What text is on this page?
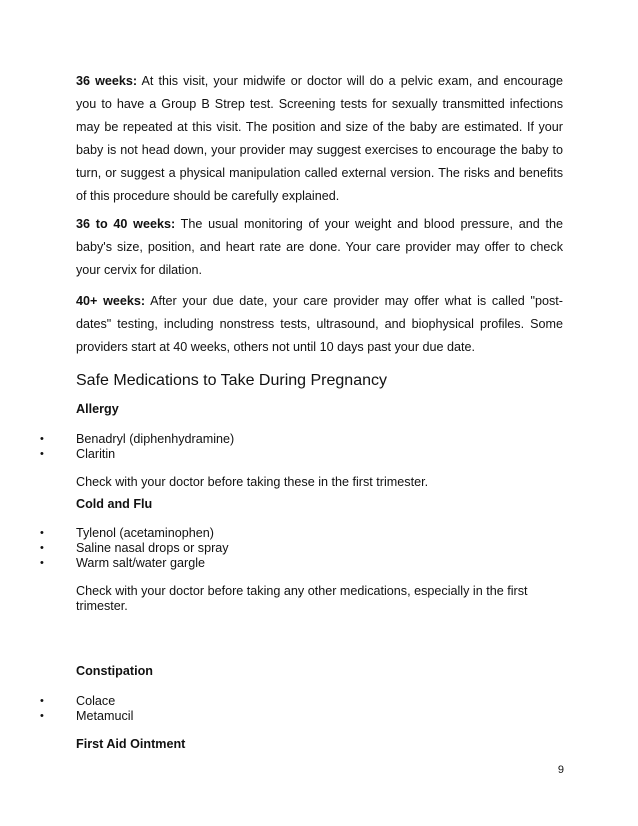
36 weeks: At this visit, your midwife or doctor will do a pelvic exam, and encourage you to have a Group B Strep test. Screening tests for sexually transmitted infections may be repeated at this visit. The position and size of the baby are estimated. If your baby is not head down, your provider may suggest exercises to encourage the baby to turn, or suggest a physical manipulation called external version. The risks and benefits of this procedure should be carefully explained.

36 to 40 weeks: The usual monitoring of your weight and blood pressure, and the baby's size, position, and heart rate are done. Your care provider may offer to check your cervix for dilation.

40+ weeks: After your due date, your care provider may offer what is called "post-dates" testing, including nonstress tests, ultrasound, and biophysical profiles. Some providers start at 40 weeks, others not until 10 days past your due date.

Safe Medications to Take During Pregnancy

Allergy

•	Benadryl (diphenhydramine)
•	Claritin

Check with your doctor before taking these in the first trimester.

Cold and Flu

•	Tylenol (acetaminophen)
•	Saline nasal drops or spray
•	Warm salt/water gargle

Check with your doctor before taking any other medications, especially in the first trimester.

Constipation

•	Colace
•	Metamucil

First Aid Ointment

9
